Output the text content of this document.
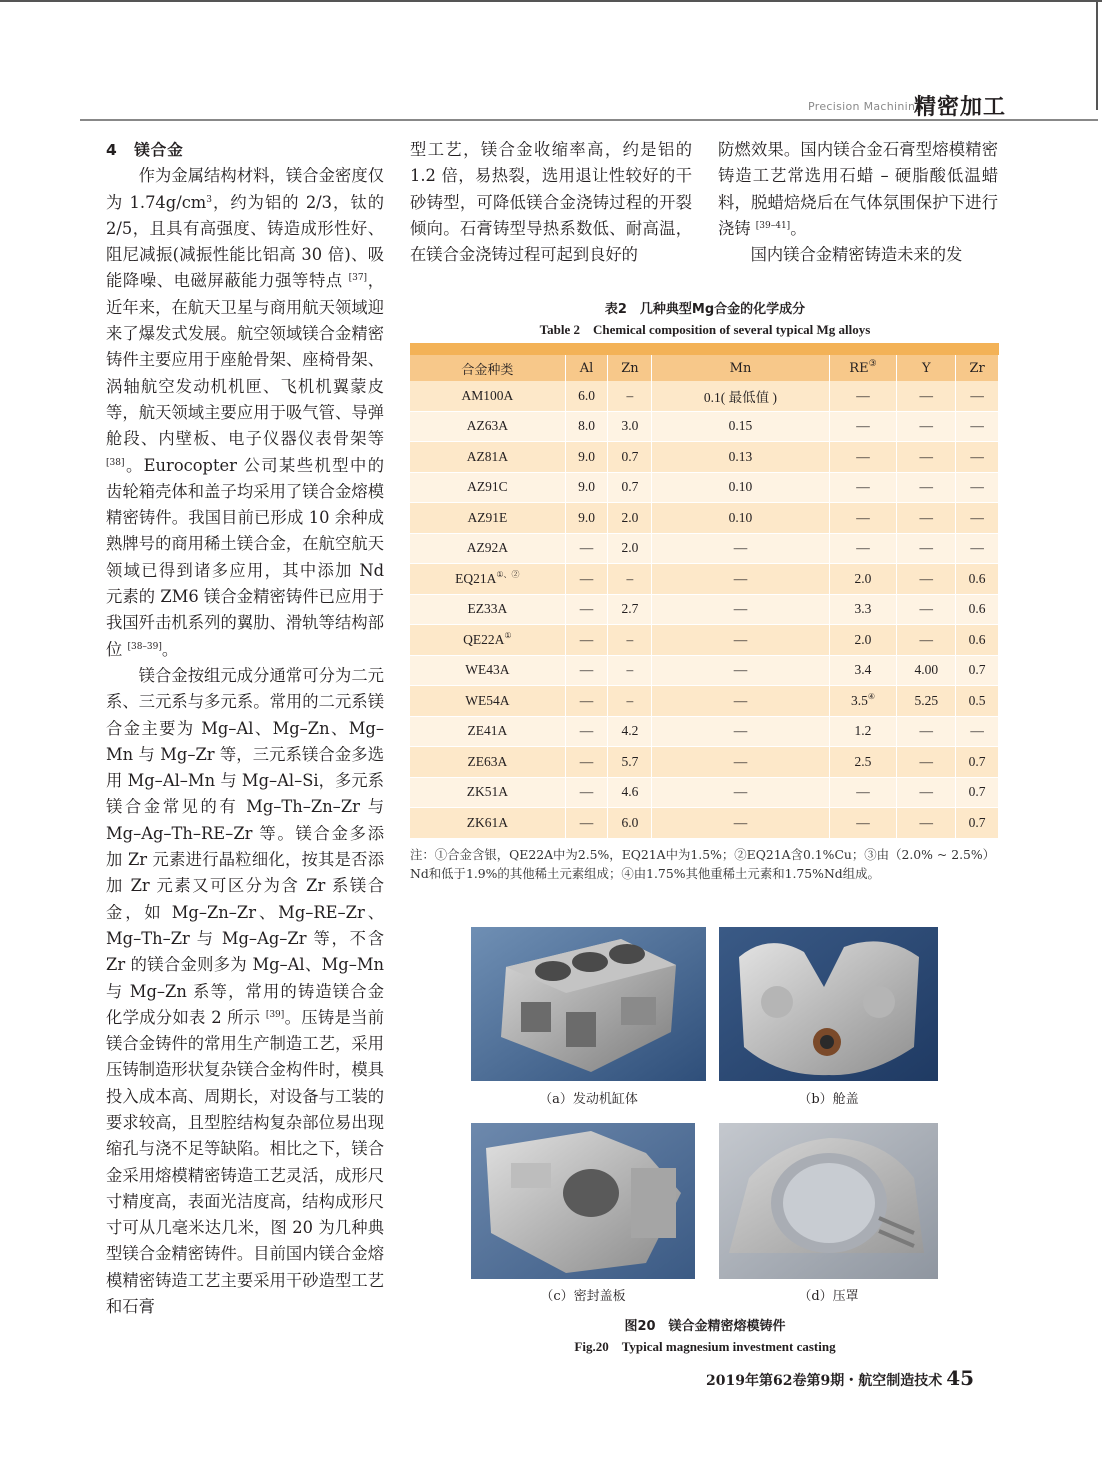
Precision Machining
精密加工

4　镁合金

作为金属结构材料，镁合金密度仅为 $1.74g/cm^3$，约为铝的 2/3，钛的 2/5，且具有高强度、铸造成形性好、阻尼减振(减振性能比铝高 30 倍)、吸能降噪、电磁屏蔽能力强等特点 [37]，近年来，在航天卫星与商用航天领域迎来了爆发式发展。航空领域镁合金精密铸件主要应用于座舱骨架、座椅骨架、涡轴航空发动机机匣、飞机机翼蒙皮等，航天领域主要应用于吸气管、导弹舱段、内壁板、电子仪器仪表骨架等 [38]。Eurocopter 公司某些机型中的齿轮箱壳体和盖子均采用了镁合金熔模精密铸件。我国目前已形成 10 余种成熟牌号的商用稀土镁合金，在航空航天领域已得到诸多应用，其中添加 Nd 元素的 ZM6 镁合金精密铸件已应用于我国歼击机系列的翼肋、滑轨等结构部位 [38–39]。

镁合金按组元成分通常可分为二元系、三元系与多元系。常用的二元系镁合金主要为 Mg–Al、Mg–Zn、Mg–Mn 与 Mg–Zr 等，三元系镁合金多选用 Mg–Al–Mn 与 Mg–Al–Si，多元系镁合金常见的有 Mg–Th–Zn–Zr 与 Mg–Ag–Th–RE–Zr 等。镁合金多添加 Zr 元素进行晶粒细化，按其是否添加 Zr 元素又可区分为含 Zr 系镁合金，如 Mg–Zn–Zr、Mg–RE–Zr、Mg–Th–Zr 与 Mg–Ag–Zr 等，不含 Zr 的镁合金则多为 Mg–Al、Mg–Mn 与 Mg–Zn 系等，常用的铸造镁合金化学成分如表 2 所示 [39]。压铸是当前镁合金铸件的常用生产制造工艺，采用压铸制造形状复杂镁合金构件时，模具投入成本高、周期长，对设备与工装的要求较高，且型腔结构复杂部位易出现缩孔与浇不足等缺陷。相比之下，镁合金采用熔模精密铸造工艺灵活，成形尺寸精度高，表面光洁度高，结构成形尺寸可从几毫米达几米，图 20 为几种典型镁合金精密铸件。目前国内镁合金熔模精密铸造工艺主要采用干砂造型工艺和石膏

型工艺，镁合金收缩率高，约是铝的 1.2 倍，易热裂，选用退让性较好的干砂铸型，可降低镁合金浇铸过程的开裂倾向。石膏铸型导热系数低、耐高温，在镁合金浇铸过程可起到良好的

防燃效果。国内镁合金石膏型熔模精密铸造工艺常选用石蜡 – 硬脂酸低温蜡料，脱蜡焙烧后在气体氛围保护下进行浇铸 [39–41]。

国内镁合金精密铸造未来的发

表2　几种典型Mg合金的化学成分
Table 2　Chemical composition of several typical Mg alloys

合金种类	Al	Zn	Mn	RE③	Y	Zr
AM100A	6.0	–	0.1( 最低值 )	—	—	—
AZ63A	8.0	3.0	0.15	—	—	—
AZ81A	9.0	0.7	0.13	—	—	—
AZ91C	9.0	0.7	0.10	—	—	—
AZ91E	9.0	2.0	0.10	—	—	—
AZ92A	—	2.0	—	—	—	—
EQ21A①、②	—	–	—	2.0	—	0.6
EZ33A	—	2.7	—	3.3	—	0.6
QE22A①	—	–	—	2.0	—	0.6
WE43A	—	–	—	3.4	4.00	0.7
WE54A	—	–	—	3.5④	5.25	0.5
ZE41A	—	4.2	—	1.2	—	—
ZE63A	—	5.7	—	2.5	—	0.7
ZK51A	—	4.6	—	—	—	0.7
ZK61A	—	6.0	—	—	—	0.7
注：①合金含银，QE22A中为2.5%，EQ21A中为1.5%；②EQ21A含0.1%Cu；③由（2.0% ~ 2.5%）Nd和低于1.9%的其他稀土元素组成；④由1.75%其他重稀土元素和1.75%Nd组成。
（a）发动机缸体	（b）舱盖
（c）密封盖板	（d）压罩
图20　镁合金精密熔模铸件
Fig.20　Typical magnesium investment casting
2019年第62卷第9期・航空制造技术 45
